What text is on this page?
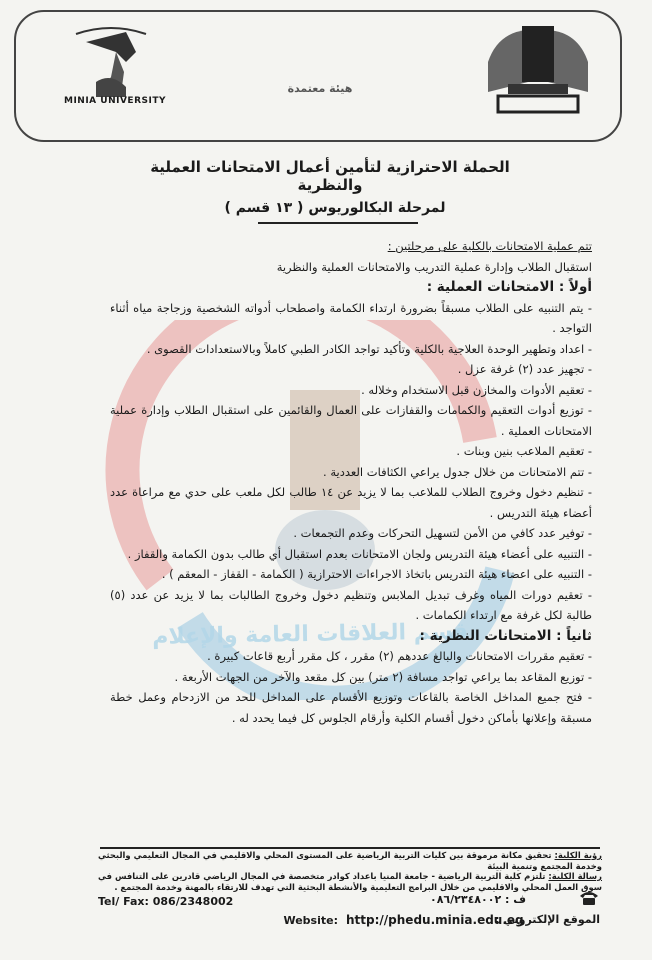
قسم العلاقات العامة والإعلام
MINIA UNIVERSITY
هيئة معتمدة
الحملة الاحترازية لتأمين أعمال الامتحانات العملية والنظرية
لمرحلة البكالوريوس ( ١٣ قسم )

تتم عملية الامتحانات بالكلية على مرحلتين :

استقبال الطلاب وإدارة عملية التدريب والامتحانات العملية والنظرية

أولاً : الامتحانات العملية :

- يتم التنبيه على الطلاب مسبقاً بضرورة ارتداء الكمامة واصطحاب أدواته الشخصية وزجاجة مياه أثناء التواجد .

- اعداد وتطهير الوحدة العلاجية بالكلية وتأكيد تواجد الكادر الطبي كاملاً وبالاستعدادات القصوى .

- تجهيز عدد (٢) غرفة عزل .

- تعقيم الأدوات والمخازن قبل الاستخدام وخلاله .

- توزيع أدوات التعقيم والكمامات والقفازات على العمال والقائمين على استقبال الطلاب وإدارة عملية الامتحانات العملية .

- تعقيم الملاعب بنين وبنات .

- تتم الامتحانات من خلال جدول يراعي الكثافات العددية .

- تنظيم دخول وخروج الطلاب للملاعب بما لا يزيد عن ١٤ طالب لكل ملعب على حدي مع مراعاة عدد أعضاء هيئة التدريس .

- توفير عدد كافي من الأمن لتسهيل التحركات وعدم التجمعات .

- التنبيه على أعضاء هيئة التدريس ولجان الامتحانات بعدم استقبال أي طالب بدون الكمامة والقفاز .

- التنبيه على اعضاء هيئة التدريس باتخاذ الاجراءات الاحترازية ( الكمامة - القفاز - المعقم ) .

- تعقيم دورات المياه وغرف تبديل الملابس وتنظيم دخول وخروج الطالبات بما لا يزيد عن عدد (٥) طالبة لكل غرفة مع ارتداء الكمامات .

ثانياً : الامتحانات النظرية :

- تعقيم مقررات الامتحانات والبالغ عددهم (٢) مقرر ، كل مقرر أربع قاعات كبيرة .

- توزيع المقاعد بما يراعي تواجد مسافة (٢ متر) بين كل مقعد والآخر من الجهات الأربعة .

- فتح جميع المداخل الخاصة بالقاعات وتوزيع الأقسام على المداخل للحد من الازدحام وعمل خطة مسبقة وإعلانها بأماكن دخول أقسام الكلية وأرقام الجلوس كل فيما يحدد له .

رؤية الكلية: تحقيق مكانة مرموقة بين كليات التربية الرياضية على المستوى المحلي والاقليمي في المجال التعليمي والبحثي وخدمة المجتمع وتنمية البيئة
رسالة الكلية: تلتزم كلية التربية الرياضية - جامعة المنيا باعداد كوادر متخصصة في المجال الرياضي قادرين على التنافس في سوق العمل المحلي والاقليمي من خلال البرامج التعليمية والأنشطة البحثية التي تهدف للارتقاء بالمهنة وخدمة المجتمع .
Tel/ Fax: 086/2348002	ف : ٠٨٦/٢٣٤٨٠٠٢
Website: http://phedu.minia.edu.eg
الموقع الإلكتروني :
